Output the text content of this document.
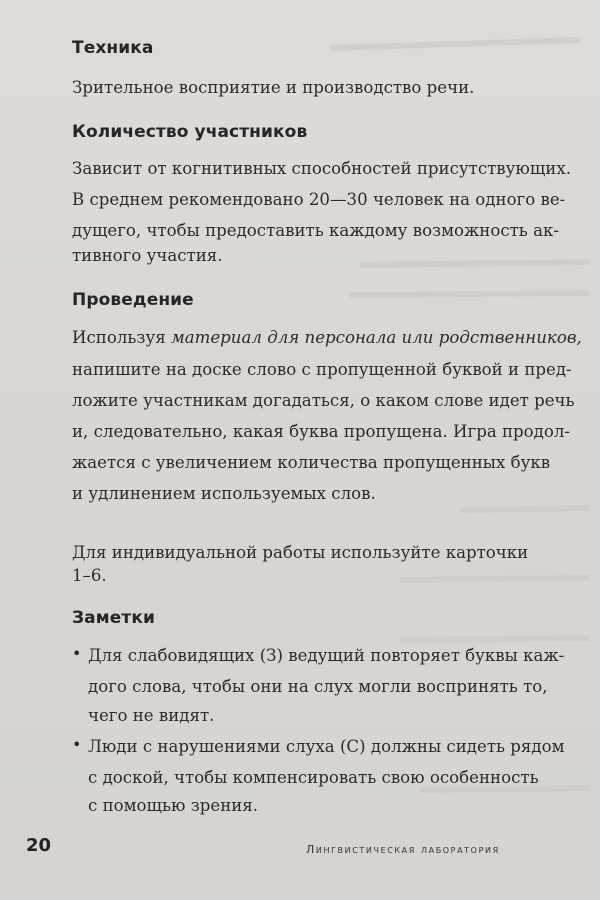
Техника
Зрительное восприятие и производство речи.
Количество участников
Зависит от когнитивных способностей присутствующих.
В среднем рекомендовано 20—30 человек на одного ве-
дущего, чтобы предоставить каждому возможность ак-
тивного участия.
Проведение
Используя материал для персонала или родственников,
напишите на доске слово с пропущенной буквой и пред-
ложите участникам догадаться, о каком слове идет речь
и, следовательно, какая буква пропущена. Игра продол-
жается с увеличением количества пропущенных букв
и удлинением используемых слов.
Для индивидуальной работы используйте карточки
1–6.
Заметки
• Для слабовидящих (З) ведущий повторяет буквы каж-
дого слова, чтобы они на слух могли воспринять то,
чего не видят.
• Люди с нарушениями слуха (С) должны сидеть рядом
с доской, чтобы компенсировать свою особенность
с помощью зрения.
20	Лингвистическая лаборатория
